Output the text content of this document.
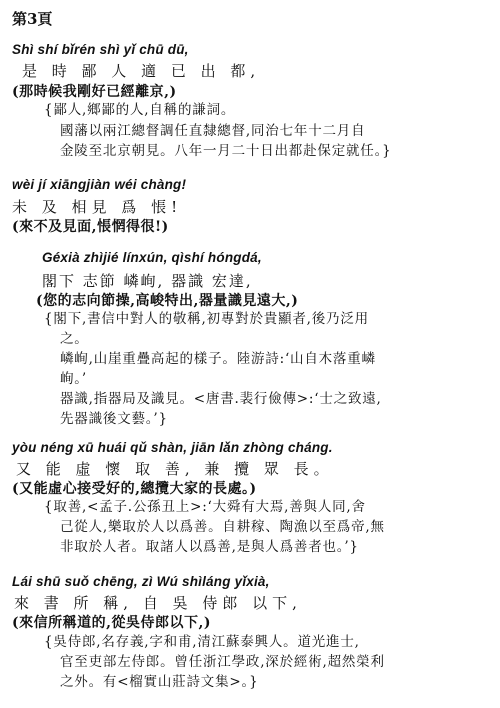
第3頁
Shì shí bǐrén shì yǐ chū dū,
是 時 鄙 人 適 已 出 都,
(那時候我剛好已經離京,)
{鄙人,鄉鄙的人,自稱的謙詞。
國藩以兩江總督調任直隸總督,同治七年十二月自
金陵至北京朝見。八年一月二十日出都赴保定就任。}
wèi jí xiāngjiàn wéi chàng!
未 及 相見 爲 悵!
(來不及見面,悵惘得很!)
Géxià zhìjié línxún, qìshí hóngdá,
閣下 志節 嶙峋, 器識 宏達,
(您的志向節操,高峻特出,器量識見遠大,)
{閣下,書信中對人的敬稱,初專對於貴顯者,後乃泛用
之。
嶙峋,山崖重疊高起的樣子。陸游詩:‘山自木落重嶙
峋。’
器識,指器局及識見。<唐書.裴行儉傳>:‘士之致遠,
先器識後文藝。’}
yòu néng xū huái qǔ shàn, jiān lǎn zhòng cháng.
又 能 虛 懷 取 善, 兼 攬 眾 長。
(又能虛心接受好的,總攬大家的長處。)
{取善,<孟子.公孫丑上>:‘大舜有大焉,善與人同,舍
己從人,樂取於人以爲善。自耕稼、陶漁以至爲帝,無
非取於人者。取諸人以爲善,是與人爲善者也。’}
Lái shū suǒ chēng, zì Wú shìláng yǐxià,
來 書 所 稱, 自 吳 侍郎 以下,
(來信所稱道的,從吳侍郎以下,)
{吳侍郎,名存義,字和甫,清江蘇泰興人。道光進士,
官至吏部左侍郎。曾任浙江學政,深於經術,超然榮利
之外。有<榴實山莊詩文集>。}
